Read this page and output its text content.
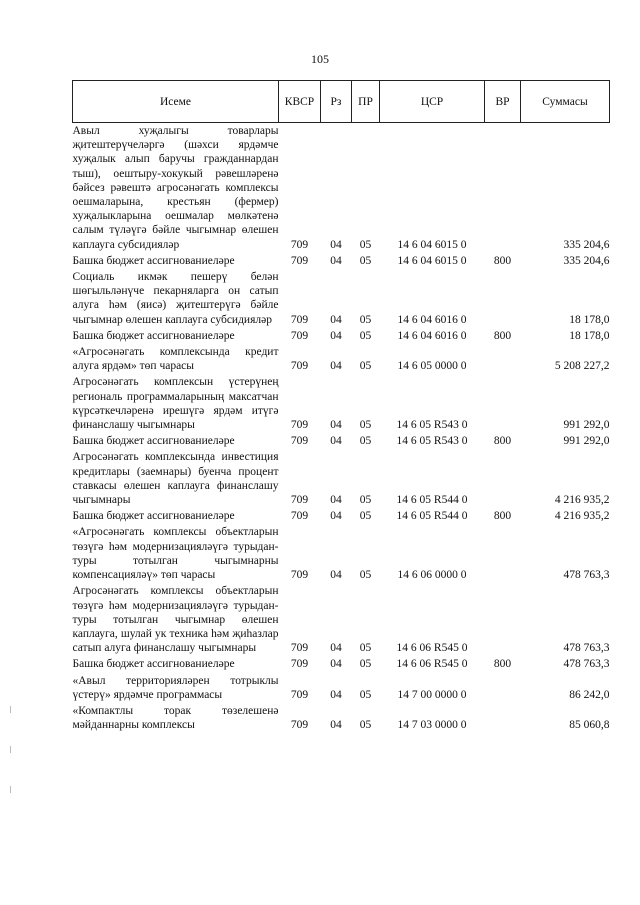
105
Исеме	КВСР	Рз	ПР	ЦСР	ВР	Суммасы
Авыл хуҗалыгы товарлары җитештерүчеләргә (шәхси ярдәмче хуҗалык алып баручы гражданнардан тыш), оештыру-хокукый рәвешләренә бәйсез рәвештә агросәнәгать комплексы оешмаларына, крестьян (фермер) хуҗалыкларына оешмалар мөлкәтенә салым түләүгә бәйле чыгымнар өлешен каплауга субсидияләр	709	04	05	14 6 04 6015 0		335 204,6
Башка бюджет ассигнованиеләре	709	04	05	14 6 04 6015 0	800	335 204,6
Социаль икмәк пешерү белән шөгыльләнүче пекарняларга он сатып алуга һәм (яисә) җитештерүгә бәйле чыгымнар өлешен каплауга субсидияләр	709	04	05	14 6 04 6016 0		18 178,0
Башка бюджет ассигнованиеләре	709	04	05	14 6 04 6016 0	800	18 178,0
«Агросәнәгать комплексында кредит алуга ярдәм» төп чарасы	709	04	05	14 6 05 0000 0		5 208 227,2
Агросәнәгать комплексын үстерүнең региональ программаларының максатчан күрсәткечләренә ирешүгә ярдәм итүгә финанслашу чыгымнары	709	04	05	14 6 05 R543 0		991 292,0
Башка бюджет ассигнованиеләре	709	04	05	14 6 05 R543 0	800	991 292,0
Агросәнәгать комплексында инвестиция кредитлары (заемнары) буенча процент ставкасы өлешен каплауга финанслашу чыгымнары	709	04	05	14 6 05 R544 0		4 216 935,2
Башка бюджет ассигнованиеләре	709	04	05	14 6 05 R544 0	800	4 216 935,2
«Агросәнәгать комплексы объектларын төзүгә һәм модернизацияләүгә турыдан-туры тотылган чыгымнарны компенсацияләү» төп чарасы	709	04	05	14 6 06 0000 0		478 763,3
Агросәнәгать комплексы объектларын төзүгә һәм модернизацияләүгә турыдан-туры тотылган чыгымнар өлешен каплауга, шулай ук техника һәм җиһазлар сатып алуга финанслашу чыгымнары	709	04	05	14 6 06 R545 0		478 763,3
Башка бюджет ассигнованиеләре	709	04	05	14 6 06 R545 0	800	478 763,3
«Авыл территорияләрен тотрыклы үстерү» ярдәмче программасы	709	04	05	14 7 00 0000 0		86 242,0
«Компактлы торак төзелешенә мәйданнарны комплексы	709	04	05	14 7 03 0000 0		85 060,8
